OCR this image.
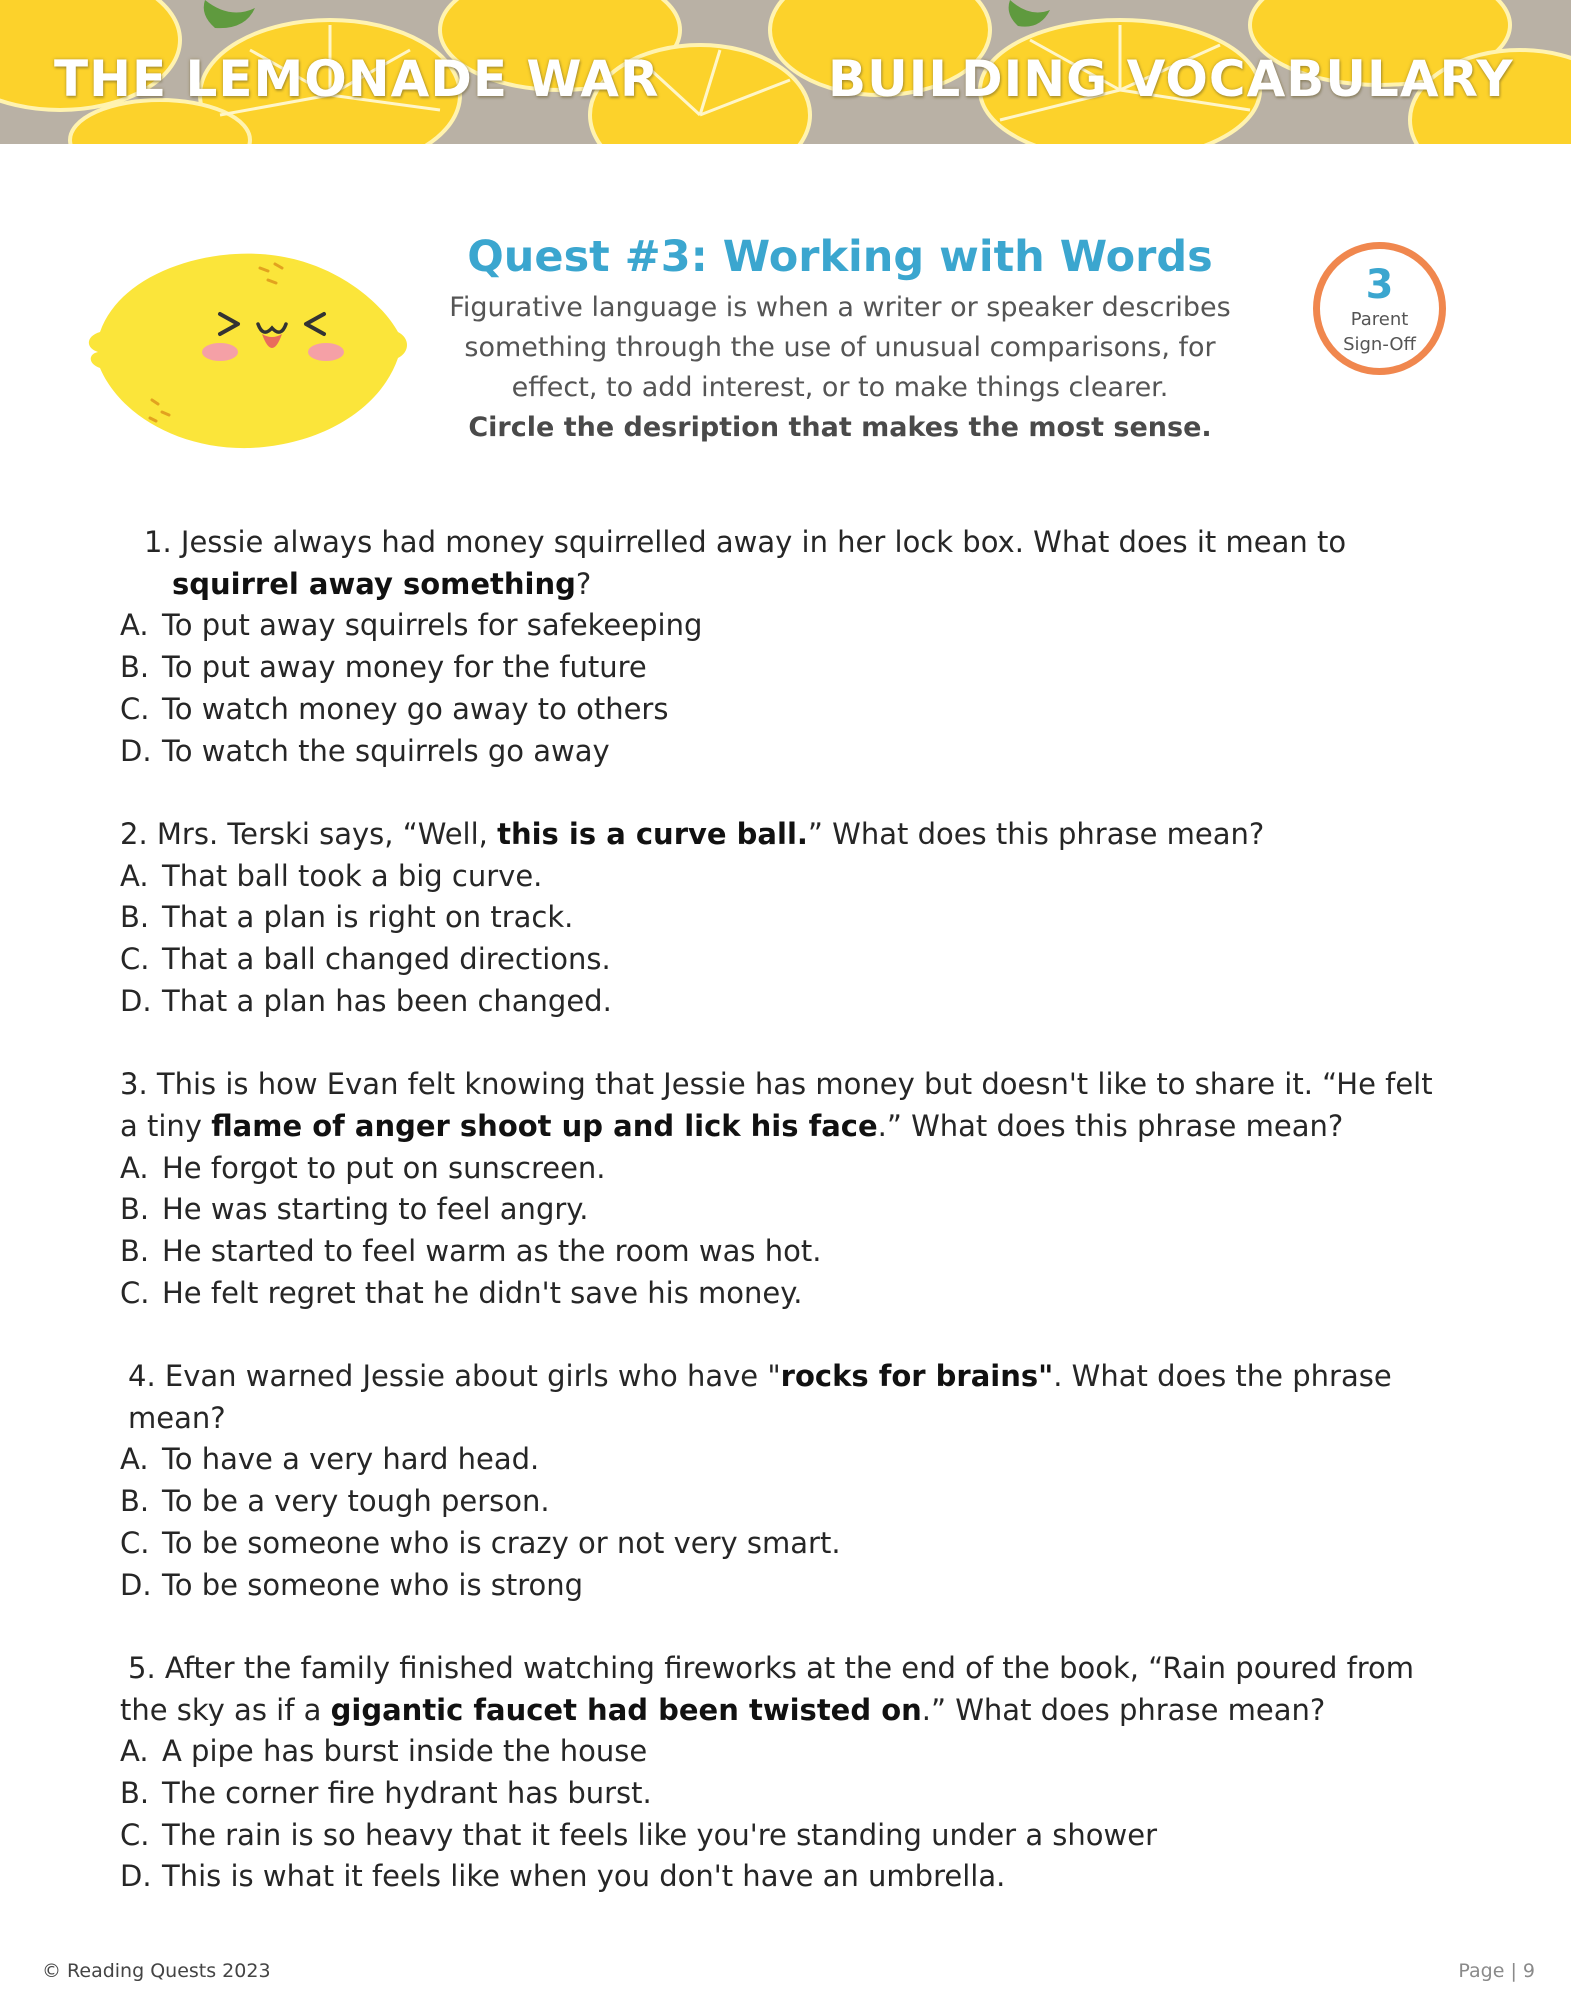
THE LEMONADE WAR	BUILDING VOCABULARY
Quest #3: Working with Words
Figurative language is when a writer or speaker describes
something through the use of unusual comparisons, for
effect, to add interest, or to make things clearer.
Circle the desription that makes the most sense.
3
Parent
Sign-Off

1. Jessie always had money squirrelled away in her lock box. What does it mean to squirrel away something?

A. To put away squirrels for safekeeping

B. To put away money for the future

C. To watch money go away to others

D. To watch the squirrels go away

2. Mrs. Terski says, “Well, this is a curve ball.” What does this phrase mean?

A. That ball took a big curve.

B. That a plan is right on track.

C. That a ball changed directions.

D. That a plan has been changed.

3. This is how Evan felt knowing that Jessie has money but doesn't like to share it. “He felt a tiny flame of anger shoot up and lick his face.” What does this phrase mean?

A. He forgot to put on sunscreen.

B. He was starting to feel angry.

B. He started to feel warm as the room was hot.

C. He felt regret that he didn't save his money.

4. Evan warned Jessie about girls who have "rocks for brains". What does the phrase mean?

A. To have a very hard head.

B. To be a very tough person.

C. To be someone who is crazy or not very smart.

D. To be someone who is strong

5. After the family finished watching fireworks at the end of the book, “Rain poured from the sky as if a gigantic faucet had been twisted on.” What does phrase mean?

A. A pipe has burst inside the house

B. The corner fire hydrant has burst.

C. The rain is so heavy that it feels like you're standing under a shower

D. This is what it feels like when you don't have an umbrella.

© Reading Quests 2023	Page | 9
